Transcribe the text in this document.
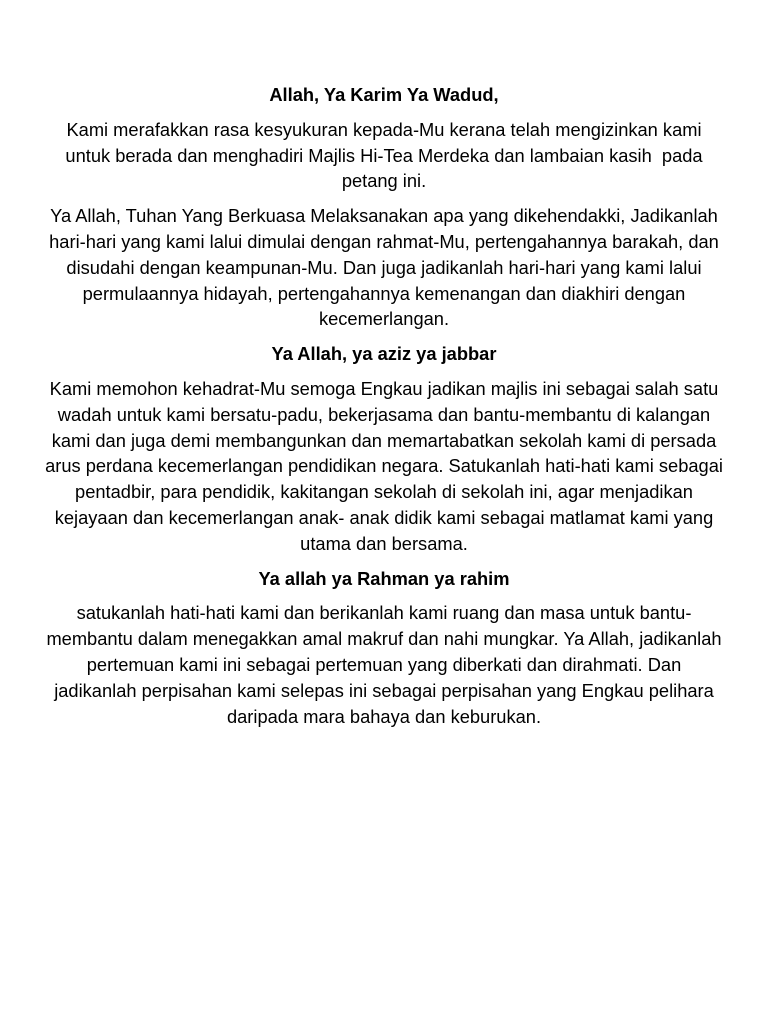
Allah, Ya Karim Ya Wadud,
Kami merafakkan rasa kesyukuran kepada-Mu kerana telah mengizinkan kami untuk berada dan menghadiri Majlis Hi-Tea Merdeka dan lambaian kasih  pada petang ini.
Ya Allah, Tuhan Yang Berkuasa Melaksanakan apa yang dikehendakki, Jadikanlah hari-hari yang kami lalui dimulai dengan rahmat-Mu, pertengahannya barakah, dan disudahi dengan keampunan-Mu. Dan juga jadikanlah hari-hari yang kami lalui permulaannya hidayah, pertengahannya kemenangan dan diakhiri dengan kecemerlangan.
Ya Allah, ya aziz ya jabbar
Kami memohon kehadrat-Mu semoga Engkau jadikan majlis ini sebagai salah satu wadah untuk kami bersatu-padu, bekerjasama dan bantu-membantu di kalangan kami dan juga demi membangunkan dan memartabatkan sekolah kami di persada arus perdana kecemerlangan pendidikan negara. Satukanlah hati-hati kami sebagai pentadbir, para pendidik, kakitangan sekolah di sekolah ini, agar menjadikan kejayaan dan kecemerlangan anak- anak didik kami sebagai matlamat kami yang utama dan bersama.
Ya allah ya Rahman ya rahim
satukanlah hati-hati kami dan berikanlah kami ruang dan masa untuk bantu-membantu dalam menegakkan amal makruf dan nahi mungkar. Ya Allah, jadikanlah pertemuan kami ini sebagai pertemuan yang diberkati dan dirahmati. Dan jadikanlah perpisahan kami selepas ini sebagai perpisahan yang Engkau pelihara daripada mara bahaya dan keburukan.
